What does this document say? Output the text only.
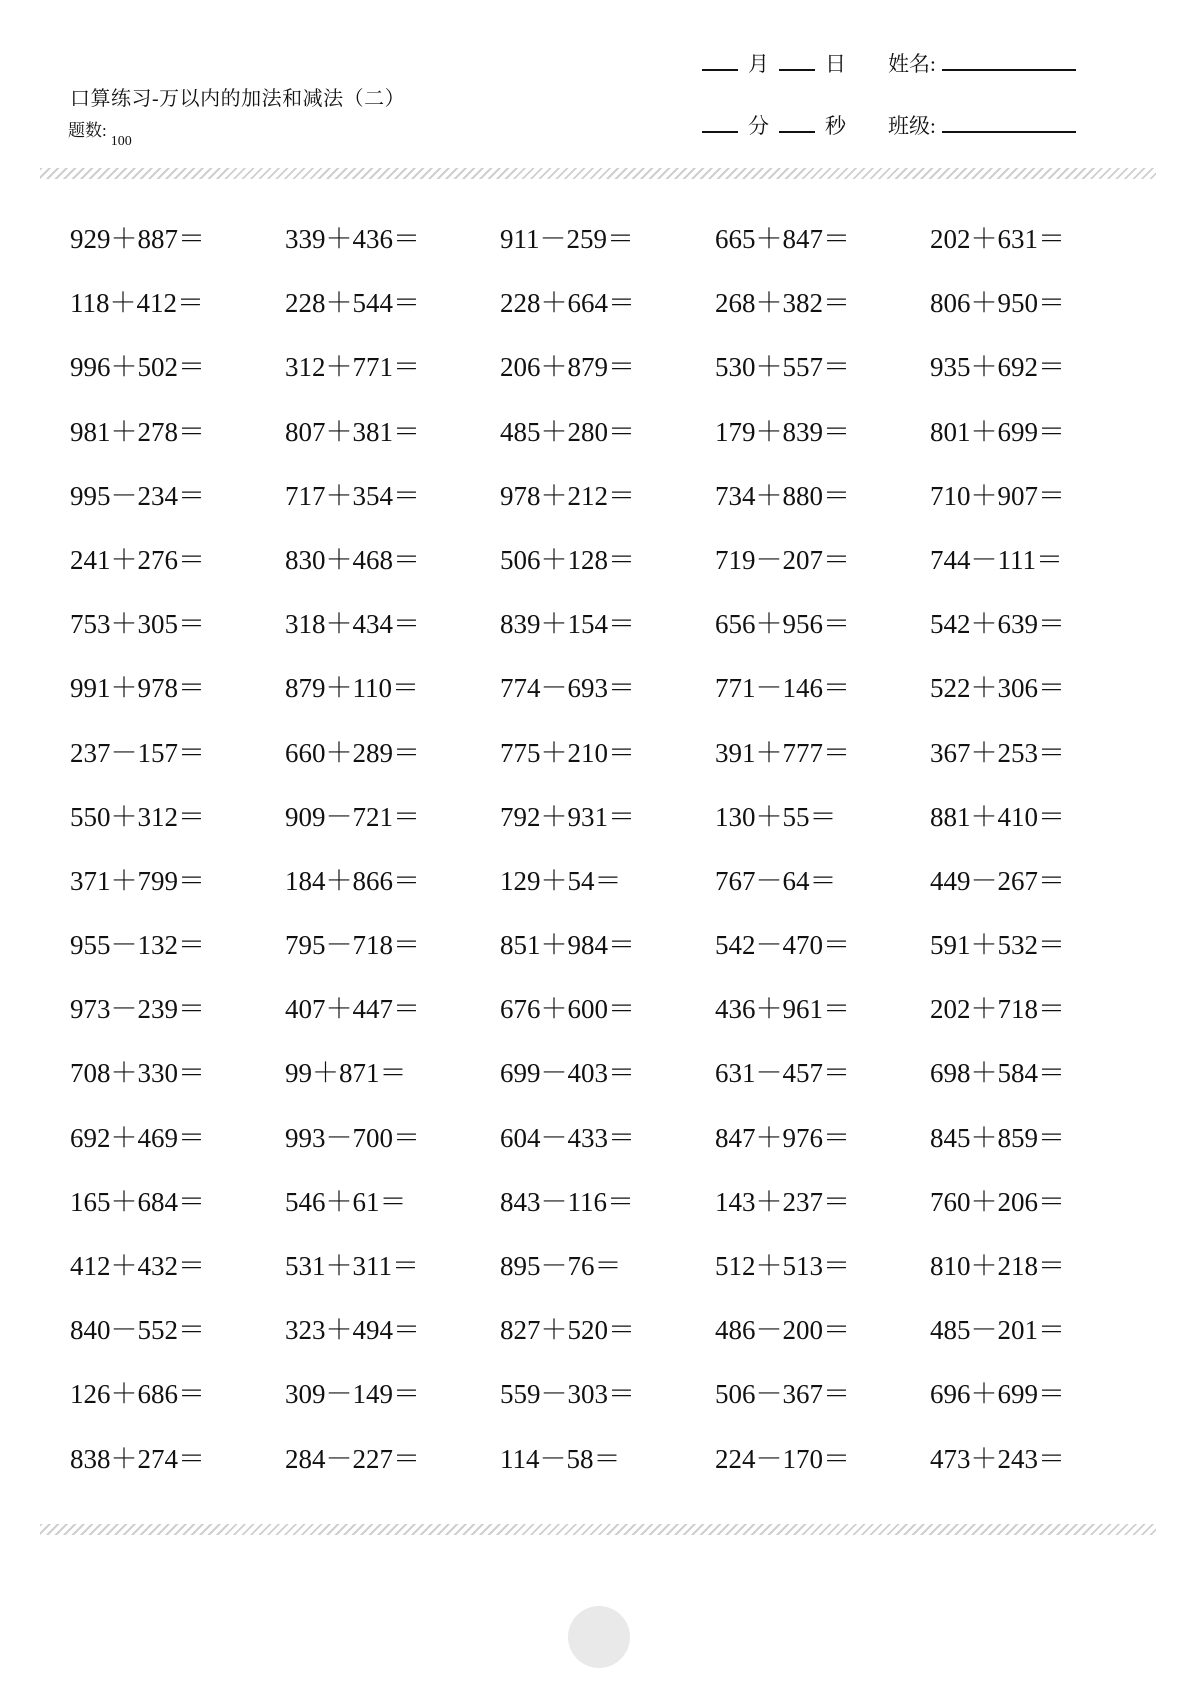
口算练习-万以内的加法和减法（二）
题数$:_{100}$
月	日
分	秒
姓名:
班级:
929＋887＝	339＋436＝	911－259＝	665＋847＝	202＋631＝
118＋412＝	228＋544＝	228＋664＝	268＋382＝	806＋950＝
996＋502＝	312＋771＝	206＋879＝	530＋557＝	935＋692＝
981＋278＝	807＋381＝	485＋280＝	179＋839＝	801＋699＝
995－234＝	717＋354＝	978＋212＝	734＋880＝	710＋907＝
241＋276＝	830＋468＝	506＋128＝	719－207＝	744－111＝
753＋305＝	318＋434＝	839＋154＝	656＋956＝	542＋639＝
991＋978＝	879＋110＝	774－693＝	771－146＝	522＋306＝
237－157＝	660＋289＝	775＋210＝	391＋777＝	367＋253＝
550＋312＝	909－721＝	792＋931＝	130＋55＝	881＋410＝
371＋799＝	184＋866＝	129＋54＝	767－64＝	449－267＝
955－132＝	795－718＝	851＋984＝	542－470＝	591＋532＝
973－239＝	407＋447＝	676＋600＝	436＋961＝	202＋718＝
708＋330＝	99＋871＝	699－403＝	631－457＝	698＋584＝
692＋469＝	993－700＝	604－433＝	847＋976＝	845＋859＝
165＋684＝	546＋61＝	843－116＝	143＋237＝	760＋206＝
412＋432＝	531＋311＝	895－76＝	512＋513＝	810＋218＝
840－552＝	323＋494＝	827＋520＝	486－200＝	485－201＝
126＋686＝	309－149＝	559－303＝	506－367＝	696＋699＝
838＋274＝	284－227＝	114－58＝	224－170＝	473＋243＝
